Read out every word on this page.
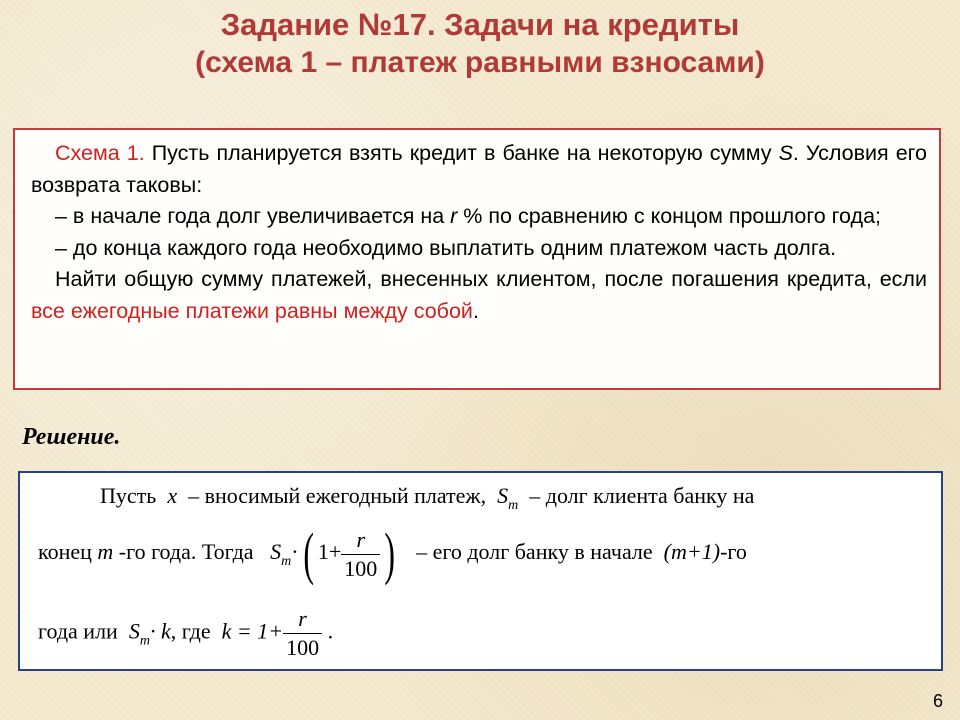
Задание №17. Задачи на кредиты
(схема 1 – платеж равными взносами)

Схема 1. Пусть планируется взять кредит в банке на некоторую сумму S. Условия его возврата таковы:

– в начале года долг увеличивается на r % по сравнению с концом прошлого года;

– до конца каждого года необходимо выплатить одним платежом часть долга.

Найти общую сумму платежей, внесенных клиентом, после погашения кредита, если все ежегодные платежи равны между собой.

Решение.
Пусть x – вносимый ежегодный платеж, $S_m$ – долг клиента банку на
конец m -го года. Тогда $S_m\cdot$( $1+ \frac{r}{100}$ ) – его долг банку в начале (m+1)-го
года или $S_m\cdot k$, где $k = 1+ \frac{r}{100}$ .
6
